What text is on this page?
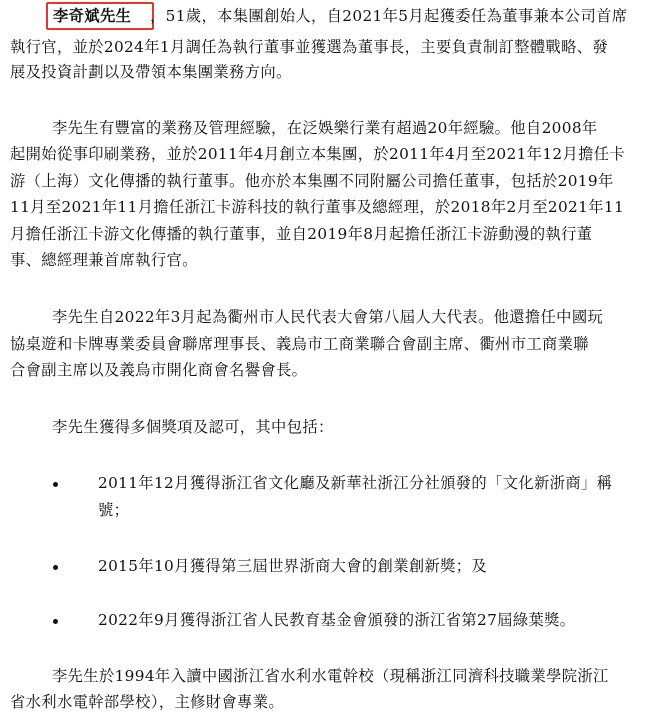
李奇斌先生 ，51歲，本集團創始人，自2021年5月起獲委任為董事兼本公司首席
執行官，並於2024年1月調任為執行董事並獲選為董事長，主要負責制訂整體戰略、發
展及投資計劃以及帶領本集團業務方向。
李先生有豐富的業務及管理經驗，在泛娛樂行業有超過20年經驗。他自2008年
起開始從事印刷業務，並於2011年4月創立本集團，於2011年4月至2021年12月擔任卡
游（上海）文化傳播的執行董事。他亦於本集團不同附屬公司擔任董事，包括於2019年
11月至2021年11月擔任浙江卡游科技的執行董事及總經理，於2018年2月至2021年11
月擔任浙江卡游文化傳播的執行董事，並自2019年8月起擔任浙江卡游動漫的執行董
事、總經理兼首席執行官。
李先生自2022年3月起為衢州市人民代表大會第八屆人大代表。他還擔任中國玩
協桌遊和卡牌專業委員會聯席理事長、義烏市工商業聯合會副主席、衢州市工商業聯
合會副主席以及義烏市開化商會名譽會長。
李先生獲得多個獎項及認可，其中包括：
2011年12月獲得浙江省文化廳及新華社浙江分社頒發的「文化新浙商」稱
號；
2015年10月獲得第三屆世界浙商大會的創業創新獎；及
2022年9月獲得浙江省人民教育基金會頒發的浙江省第27屆綠葉獎。
李先生於1994年入讀中國浙江省水利水電幹校（現稱浙江同濟科技職業學院浙江
省水利水電幹部學校），主修財會專業。
